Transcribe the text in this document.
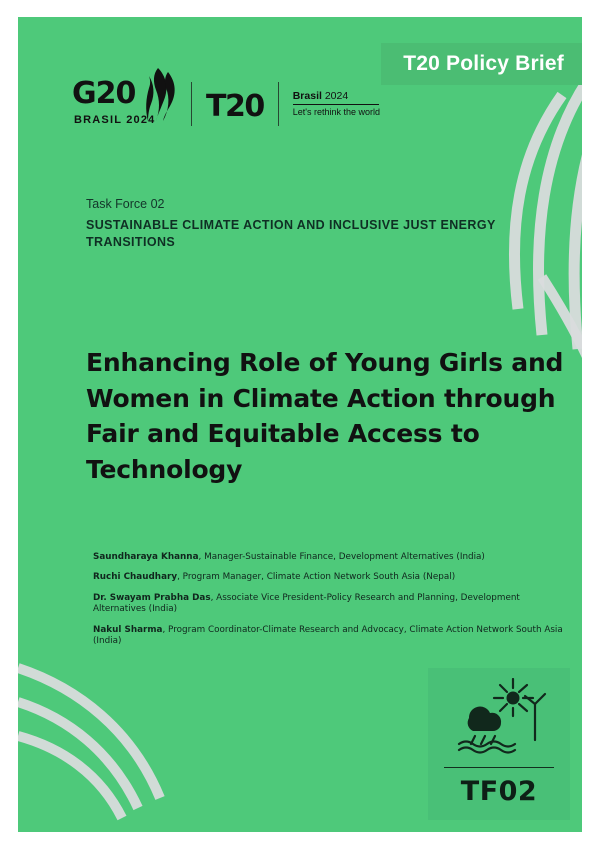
T20 Policy Brief
G20
BRASIL 2024 T20	Brasil 2024
Let's rethink the world
Task Force 02
SUSTAINABLE CLIMATE ACTION AND INCLUSIVE JUST ENERGY TRANSITIONS
Enhancing Role of Young Girls and Women in Climate Action through Fair and Equitable Access to Technology
Saundharaya Khanna, Manager-Sustainable Finance, Development Alternatives (India)
Ruchi Chaudhary, Program Manager, Climate Action Network South Asia (Nepal)
Dr. Swayam Prabha Das, Associate Vice President-Policy Research and Planning, Development Alternatives (India)
Nakul Sharma, Program Coordinator-Climate Research and Advocacy, Climate Action Network South Asia (India)
TF02
